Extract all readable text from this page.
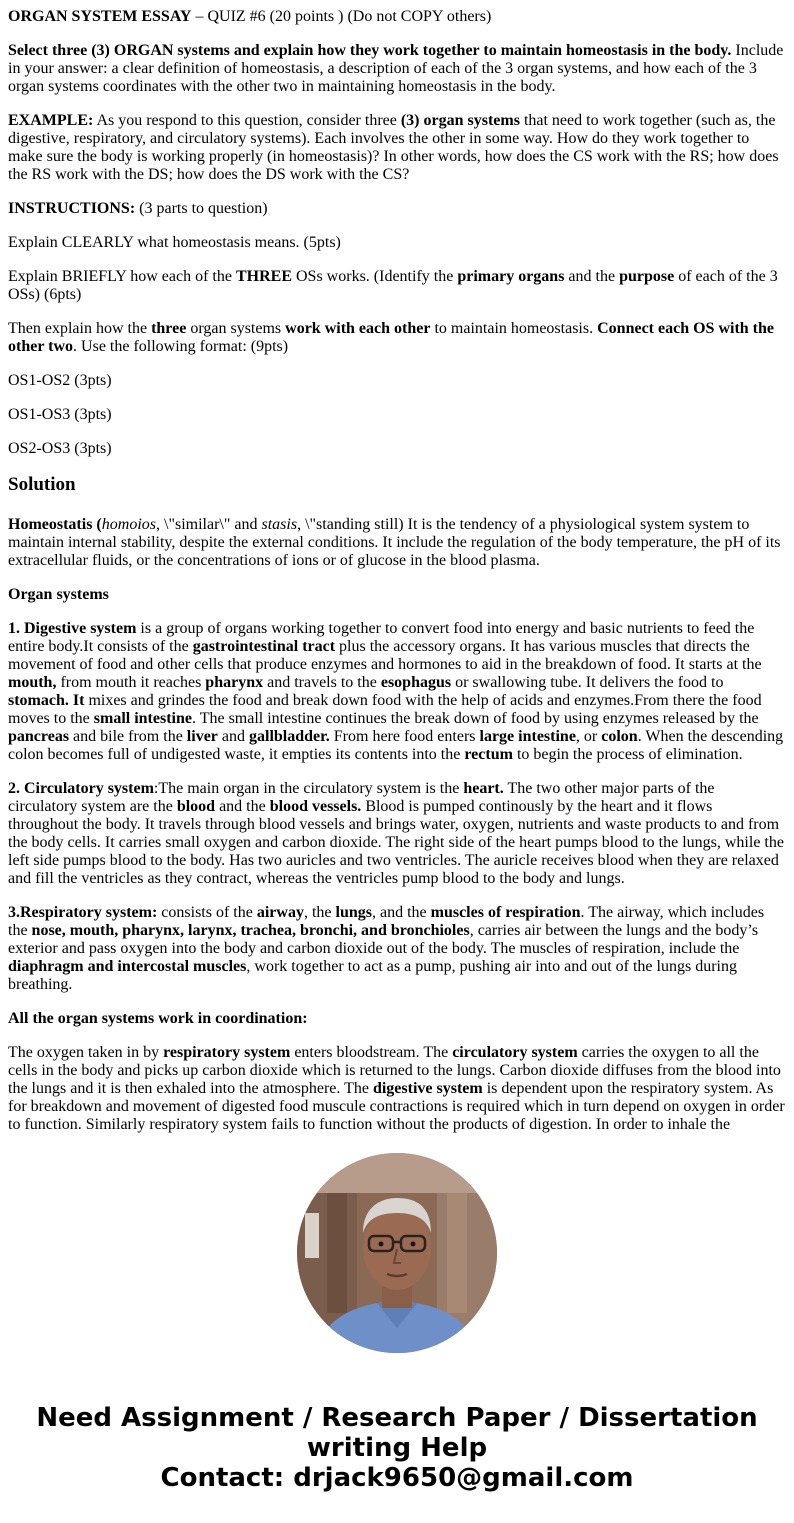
ORGAN SYSTEM ESSAY – QUIZ #6 (20 points ) (Do not COPY others)

Select three (3) ORGAN systems and explain how they work together to maintain homeostasis in the body. Include in your answer: a clear definition of homeostasis, a description of each of the 3 organ systems, and how each of the 3 organ systems coordinates with the other two in maintaining homeostasis in the body.

EXAMPLE: As you respond to this question, consider three (3) organ systems that need to work together (such as, the digestive, respiratory, and circulatory systems). Each involves the other in some way. How do they work together to make sure the body is working properly (in homeostasis)? In other words, how does the CS work with the RS; how does the RS work with the DS; how does the DS work with the CS?

INSTRUCTIONS: (3 parts to question)

Explain CLEARLY what homeostasis means. (5pts)

Explain BRIEFLY how each of the THREE OSs works. (Identify the primary organs and the purpose of each of the 3 OSs) (6pts)

Then explain how the three organ systems work with each other to maintain homeostasis. Connect each OS with the other two. Use the following format: (9pts)

OS1-OS2 (3pts)

OS1-OS3 (3pts)

OS2-OS3 (3pts)

Solution

Homeostatis (homoios, \"similar\" and stasis, \"standing still) It is the tendency of a physiological system system to maintain internal stability, despite the external conditions. It include the regulation of the body temperature, the pH of its extracellular fluids, or the concentrations of ions or of glucose in the blood plasma.

Organ systems

1. Digestive system is a group of organs working together to convert food into energy and basic nutrients to feed the entire body.It consists of the gastrointestinal tract plus the accessory organs. It has various muscles that directs the movement of food and other cells that produce enzymes and hormones to aid in the breakdown of food. It starts at the mouth, from mouth it reaches pharynx and travels to the esophagus or swallowing tube. It delivers the food to stomach. It mixes and grindes the food and break down food with the help of acids and enzymes.From there the food moves to the small intestine. The small intestine continues the break down of food by using enzymes released by the pancreas and bile from the liver and gallbladder. From here food enters large intestine, or colon. When the descending colon becomes full of undigested waste, it empties its contents into the rectum to begin the process of elimination.

2. Circulatory system:The main organ in the circulatory system is the heart. The two other major parts of the circulatory system are the blood and the blood vessels. Blood is pumped continously by the heart and it flows throughout the body. It travels through blood vessels and brings water, oxygen, nutrients and waste products to and from the body cells. It carries small oxygen and carbon dioxide. The right side of the heart pumps blood to the lungs, while the left side pumps blood to the body. Has two auricles and two ventricles. The auricle receives blood when they are relaxed and fill the ventricles as they contract, whereas the ventricles pump blood to the body and lungs.

3.Respiratory system: consists of the airway, the lungs, and the muscles of respiration. The airway, which includes the nose, mouth, pharynx, larynx, trachea, bronchi, and bronchioles, carries air between the lungs and the body’s exterior and pass oxygen into the body and carbon dioxide out of the body. The muscles of respiration, include the diaphragm and intercostal muscles, work together to act as a pump, pushing air into and out of the lungs during breathing.

All the organ systems work in coordination:

The oxygen taken in by respiratory system enters bloodstream. The circulatory system carries the oxygen to all the cells in the body and picks up carbon dioxide which is returned to the lungs. Carbon dioxide diffuses from the blood into the lungs and it is then exhaled into the atmosphere. The digestive system is dependent upon the respiratory system. As for breakdown and movement of digested food muscule contractions is required which in turn depend on oxygen in order to function. Similarly respiratory system fails to function without the products of digestion. In order to inhale the

Need Assignment / Research Paper / Dissertation
writing Help
Contact: drjack9650@gmail.com
